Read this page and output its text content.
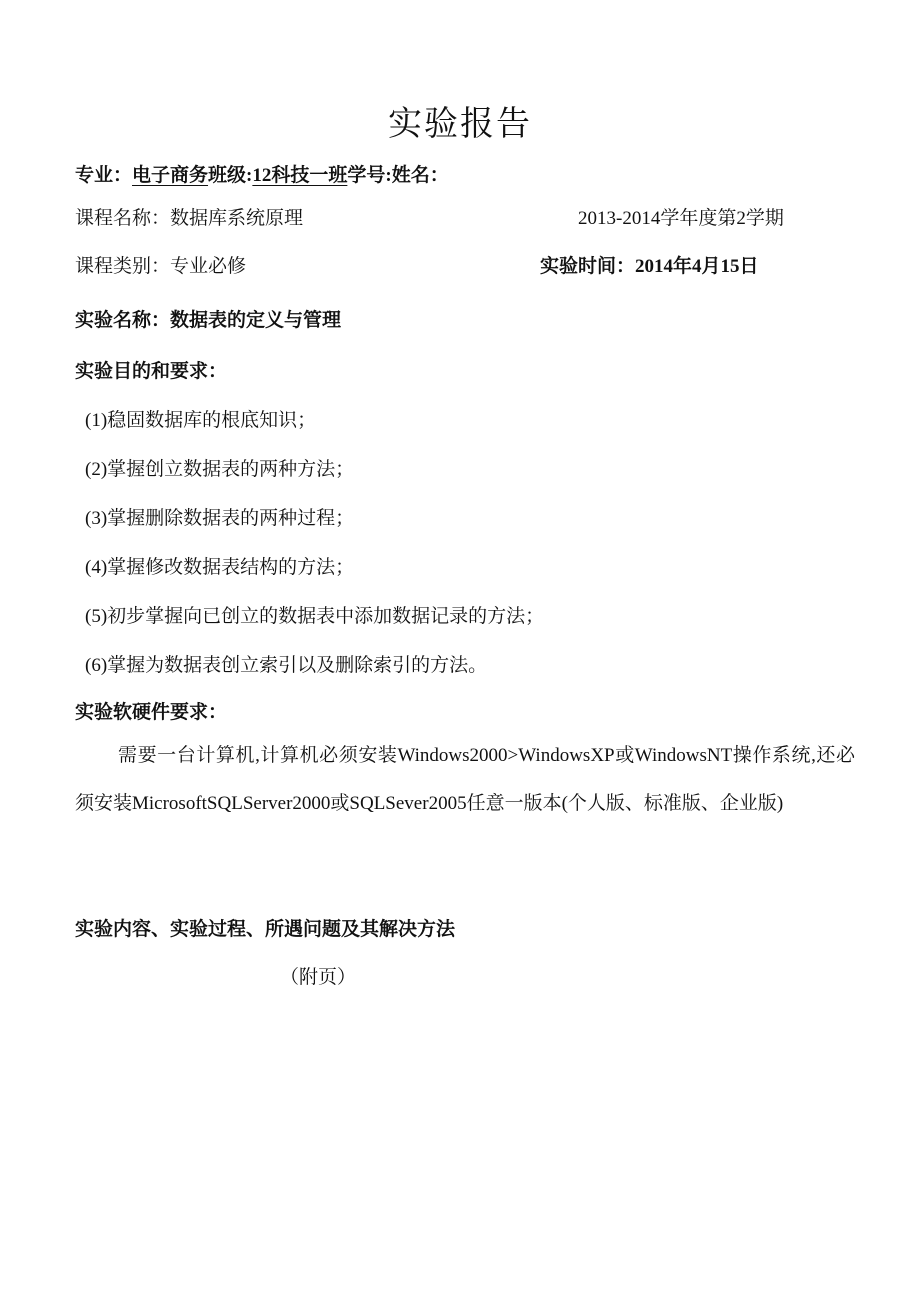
实验报告
专业：电子商务班级:12科技一班学号:姓名：
课程名称：数据库系统原理	2013-2014学年度第2学期
课程类别：专业必修	实验时间：2014年4月15日
实验名称：数据表的定义与管理
实验目的和要求：
(1)稳固数据库的根底知识；
(2)掌握创立数据表的两种方法；
(3)掌握删除数据表的两种过程；
(4)掌握修改数据表结构的方法；
(5)初步掌握向已创立的数据表中添加数据记录的方法；
(6)掌握为数据表创立索引以及删除索引的方法。
实验软硬件要求：
需要一台计算机,计算机必须安装Windows2000>WindowsXP或WindowsNT操作系统,还必须安装MicrosoftSQLServer2000或SQLSever2005任意一版本(个人版、标准版、企业版)
实验内容、实验过程、所遇问题及其解决方法
（附页）
